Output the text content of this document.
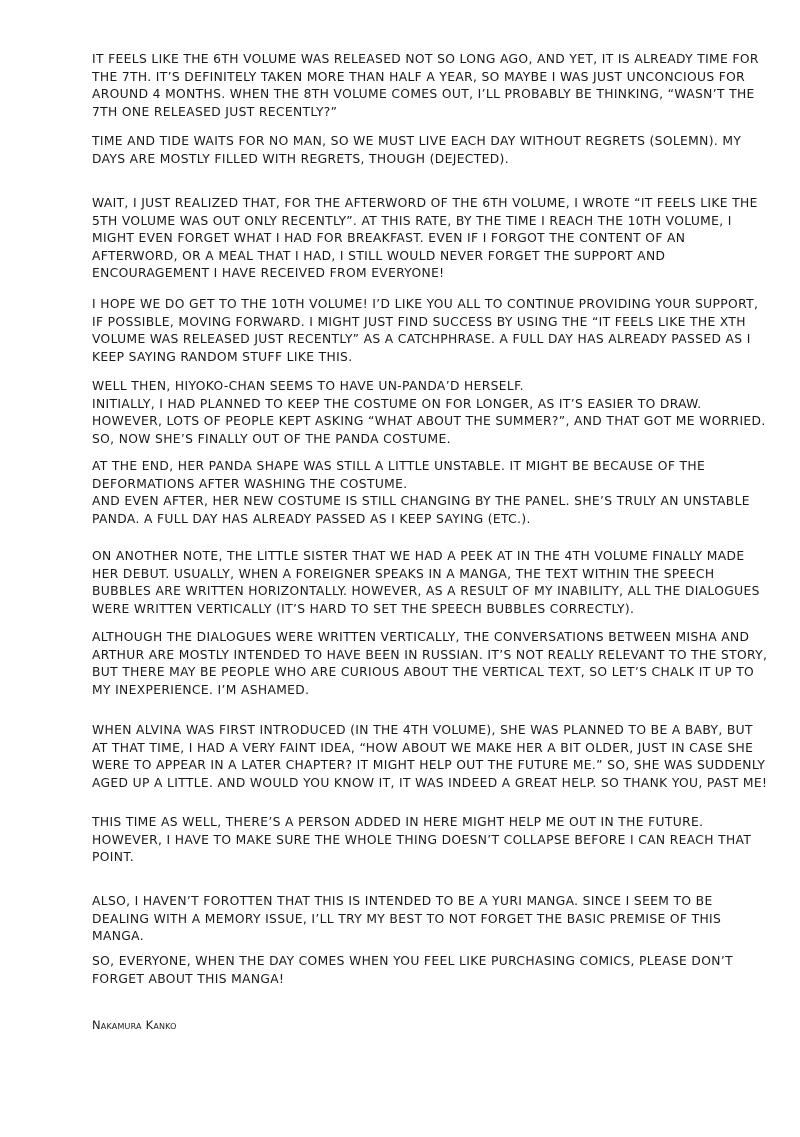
IT FEELS LIKE THE 6TH VOLUME WAS RELEASED NOT SO LONG AGO, AND YET, IT IS ALREADY TIME FOR THE 7TH. IT’S DEFINITELY TAKEN MORE THAN HALF A YEAR, SO MAYBE I WAS JUST UNCONCIOUS FOR AROUND 4 MONTHS. WHEN THE 8TH VOLUME COMES OUT, I’LL PROBABLY BE THINKING, “WASN’T THE 7TH ONE RELEASED JUST RECENTLY?”

TIME AND TIDE WAITS FOR NO MAN, SO WE MUST LIVE EACH DAY WITHOUT REGRETS (SOLEMN). MY DAYS ARE MOSTLY FILLED WITH REGRETS, THOUGH (DEJECTED).

WAIT, I JUST REALIZED THAT, FOR THE AFTERWORD OF THE 6TH VOLUME, I WROTE “IT FEELS LIKE THE 5TH VOLUME WAS OUT ONLY RECENTLY”. AT THIS RATE, BY THE TIME I REACH THE 10TH VOLUME, I MIGHT EVEN FORGET WHAT I HAD FOR BREAKFAST. EVEN IF I FORGOT THE CONTENT OF AN AFTERWORD, OR A MEAL THAT I HAD, I STILL WOULD NEVER FORGET THE SUPPORT AND ENCOURAGEMENT I HAVE RECEIVED FROM EVERYONE!

I HOPE WE DO GET TO THE 10TH VOLUME! I’D LIKE YOU ALL TO CONTINUE PROVIDING YOUR SUPPORT, IF POSSIBLE, MOVING FORWARD. I MIGHT JUST FIND SUCCESS BY USING THE “IT FEELS LIKE THE XTH VOLUME WAS RELEASED JUST RECENTLY” AS A CATCHPHRASE. A FULL DAY HAS ALREADY PASSED AS I KEEP SAYING RANDOM STUFF LIKE THIS.

WELL THEN, HIYOKO-CHAN SEEMS TO HAVE UN-PANDA’D HERSELF.
INITIALLY, I HAD PLANNED TO KEEP THE COSTUME ON FOR LONGER, AS IT’S EASIER TO DRAW.
HOWEVER, LOTS OF PEOPLE KEPT ASKING “WHAT ABOUT THE SUMMER?”, AND THAT GOT ME WORRIED.
SO, NOW SHE’S FINALLY OUT OF THE PANDA COSTUME.

AT THE END, HER PANDA SHAPE WAS STILL A LITTLE UNSTABLE. IT MIGHT BE BECAUSE OF THE DEFORMATIONS AFTER WASHING THE COSTUME.
AND EVEN AFTER, HER NEW COSTUME IS STILL CHANGING BY THE PANEL. SHE’S TRULY AN UNSTABLE PANDA. A FULL DAY HAS ALREADY PASSED AS I KEEP SAYING (ETC.).

ON ANOTHER NOTE, THE LITTLE SISTER THAT WE HAD A PEEK AT IN THE 4TH VOLUME FINALLY MADE HER DEBUT. USUALLY, WHEN A FOREIGNER SPEAKS IN A MANGA, THE TEXT WITHIN THE SPEECH BUBBLES ARE WRITTEN HORIZONTALLY. HOWEVER, AS A RESULT OF MY INABILITY, ALL THE DIALOGUES WERE WRITTEN VERTICALLY (IT’S HARD TO SET THE SPEECH BUBBLES CORRECTLY).

ALTHOUGH THE DIALOGUES WERE WRITTEN VERTICALLY, THE CONVERSATIONS BETWEEN MISHA AND ARTHUR ARE MOSTLY INTENDED TO HAVE BEEN IN RUSSIAN. IT’S NOT REALLY RELEVANT TO THE STORY, BUT THERE MAY BE PEOPLE WHO ARE CURIOUS ABOUT THE VERTICAL TEXT, SO LET’S CHALK IT UP TO MY INEXPERIENCE. I’M ASHAMED.

WHEN ALVINA WAS FIRST INTRODUCED (IN THE 4TH VOLUME), SHE WAS PLANNED TO BE A BABY, BUT AT THAT TIME, I HAD A VERY FAINT IDEA, “HOW ABOUT WE MAKE HER A BIT OLDER, JUST IN CASE SHE WERE TO APPEAR IN A LATER CHAPTER? IT MIGHT HELP OUT THE FUTURE ME.” SO, SHE WAS SUDDENLY AGED UP A LITTLE. AND WOULD YOU KNOW IT, IT WAS INDEED A GREAT HELP. SO THANK YOU, PAST ME!

THIS TIME AS WELL, THERE’S A PERSON ADDED IN HERE MIGHT HELP ME OUT IN THE FUTURE.
HOWEVER, I HAVE TO MAKE SURE THE WHOLE THING DOESN’T COLLAPSE BEFORE I CAN REACH THAT POINT.

ALSO, I HAVEN’T FOROTTEN THAT THIS IS INTENDED TO BE A YURI MANGA. SINCE I SEEM TO BE DEALING WITH A MEMORY ISSUE, I’LL TRY MY BEST TO NOT FORGET THE BASIC PREMISE OF THIS MANGA.

SO, EVERYONE, WHEN THE DAY COMES WHEN YOU FEEL LIKE PURCHASING COMICS, PLEASE DON’T FORGET ABOUT THIS MANGA!

Nakamura Kanko
